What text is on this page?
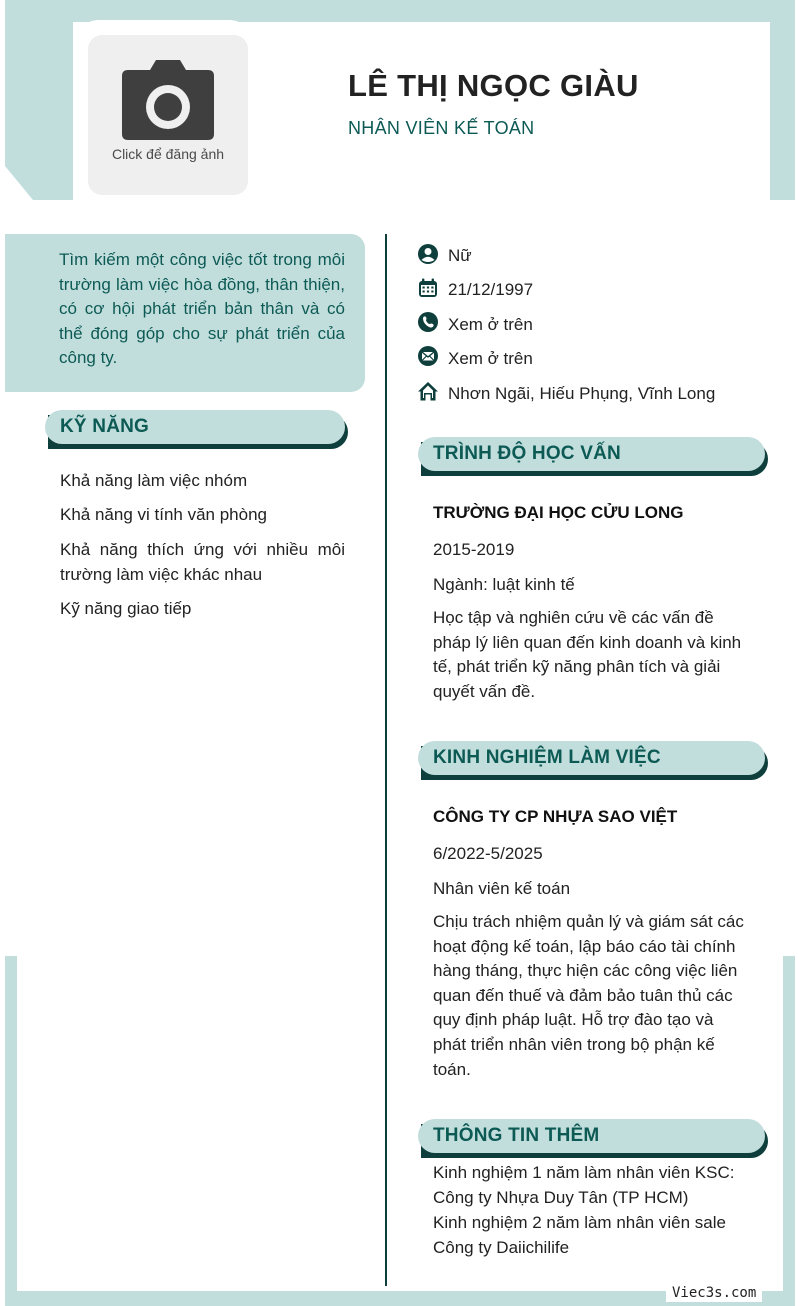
Click để đăng ảnh
LÊ THỊ NGỌC GIÀU
NHÂN VIÊN KẾ TOÁN
Tìm kiếm một công việc tốt trong môi trường làm việc hòa đồng, thân thiện, có cơ hội phát triển bản thân và có thể đóng góp cho sự phát triển của công ty.
KỸ NĂNG
Khả năng làm việc nhóm
Khả năng vi tính văn phòng
Khả năng thích ứng với nhiều môi trường làm việc khác nhau
Kỹ năng giao tiếp
Nữ
21/12/1997
Xem ở trên
Xem ở trên
Nhơn Ngãi, Hiếu Phụng, Vĩnh Long
TRÌNH ĐỘ HỌC VẤN
TRƯỜNG ĐẠI HỌC CỬU LONG
2015-2019
Ngành: luật kinh tế
Học tập và nghiên cứu về các vấn đề pháp lý liên quan đến kinh doanh và kinh tế, phát triển kỹ năng phân tích và giải quyết vấn đề.
KINH NGHIỆM LÀM VIỆC
CÔNG TY CP NHỰA SAO VIỆT
6/2022-5/2025
Nhân viên kế toán
Chịu trách nhiệm quản lý và giám sát các hoạt động kế toán, lập báo cáo tài chính hàng tháng, thực hiện các công việc liên quan đến thuế và đảm bảo tuân thủ các quy định pháp luật. Hỗ trợ đào tạo và phát triển nhân viên trong bộ phận kế toán.
THÔNG TIN THÊM
Kinh nghiệm 1 năm làm nhân viên KSC:
Công ty Nhựa Duy Tân (TP HCM)
Kinh nghiệm 2 năm làm nhân viên sale
Công ty Daiichilife
Viec3s.com
